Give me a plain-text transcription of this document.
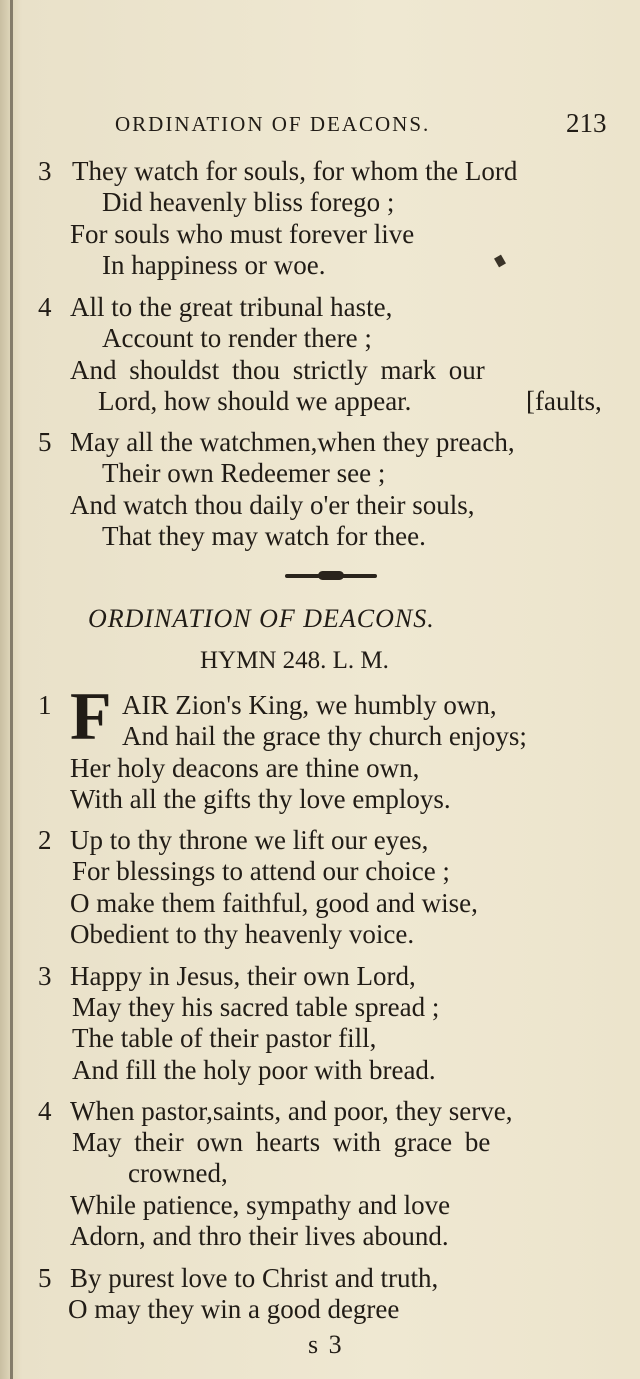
ORDINATION OF DEACONS.	213
3 They watch for souls, for whom the Lord
Did heavenly bliss forego ;
For souls who must forever live
In happiness or woe.
4 All to the great tribunal haste,
Account to render there ;
And shouldst thou strictly mark our
Lord, how should we appear.	[faults,
5 May all the watchmen,when they preach,
Their own Redeemer see ;
And watch thou daily o'er their souls,
That they may watch for thee.
ORDINATION OF DEACONS.
HYMN 248. L. M.
1 F AIR Zion's King, we humbly own,
And hail the grace thy church enjoys;
Her holy deacons are thine own,
With all the gifts thy love employs.
2 Up to thy throne we lift our eyes,
For blessings to attend our choice ;
O make them faithful, good and wise,
Obedient to thy heavenly voice.
3 Happy in Jesus, their own Lord,
May they his sacred table spread ;
The table of their pastor fill,
And fill the holy poor with bread.
4 When pastor,saints, and poor, they serve,
May their own hearts with grace be
crowned,
While patience, sympathy and love
Adorn, and thro their lives abound.
5 By purest love to Christ and truth,
O may they win a good degree
s 3
